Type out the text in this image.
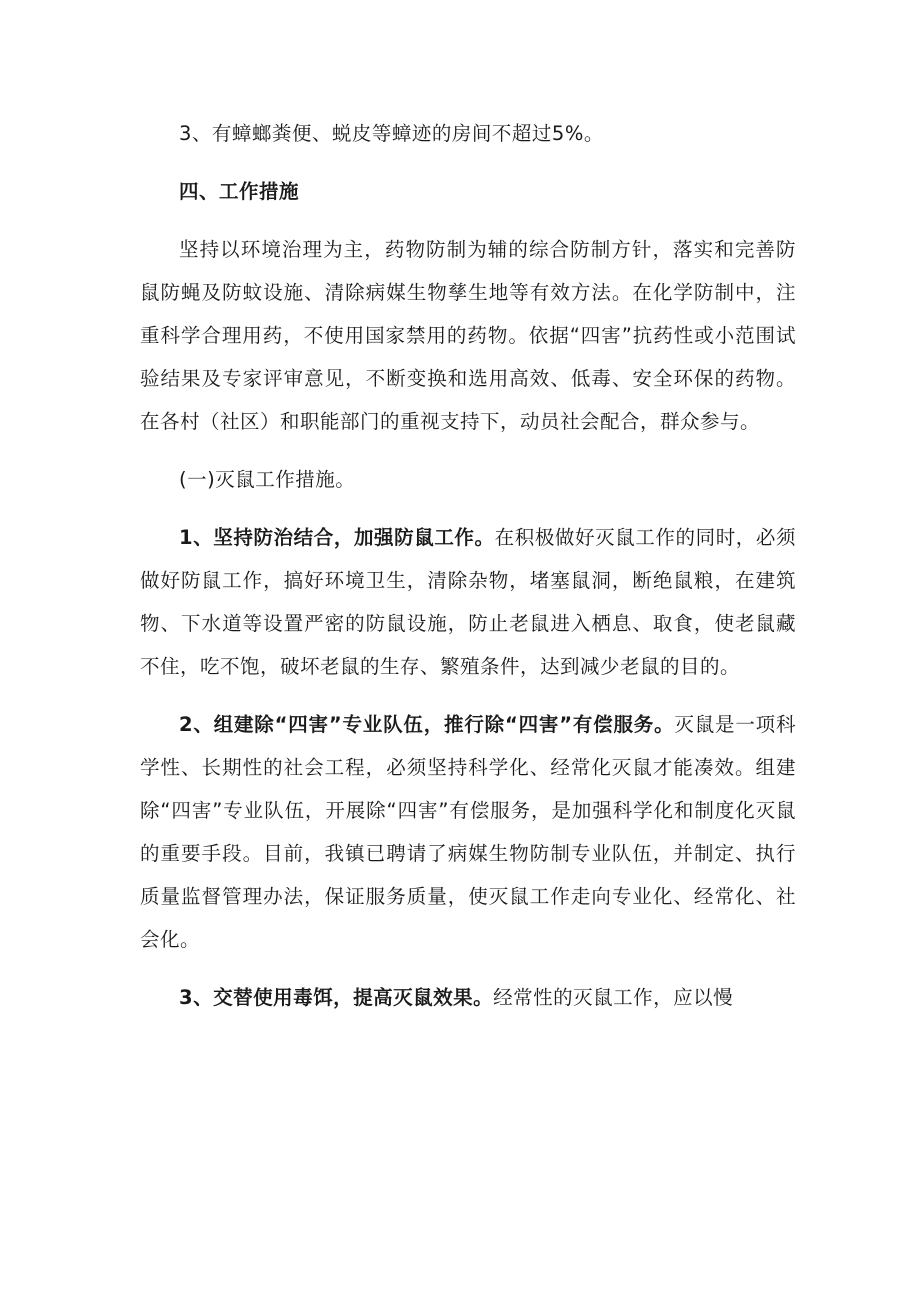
3、有蟑螂粪便、蜕皮等蟑迹的房间不超过5%。

四、工作措施

坚持以环境治理为主，药物防制为辅的综合防制方针，落实和完善防鼠防蝇及防蚊设施、清除病媒生物孳生地等有效方法。在化学防制中，注重科学合理用药，不使用国家禁用的药物。依据“四害”抗药性或小范围试验结果及专家评审意见，不断变换和选用高效、低毒、安全环保的药物。在各村（社区）和职能部门的重视支持下，动员社会配合，群众参与。

(一)灭鼠工作措施。

1、坚持防治结合，加强防鼠工作。在积极做好灭鼠工作的同时，必须做好防鼠工作，搞好环境卫生，清除杂物，堵塞鼠洞，断绝鼠粮，在建筑物、下水道等设置严密的防鼠设施，防止老鼠进入栖息、取食，使老鼠藏不住，吃不饱，破坏老鼠的生存、繁殖条件，达到减少老鼠的目的。

2、组建除“四害”专业队伍，推行除“四害”有偿服务。灭鼠是一项科学性、长期性的社会工程，必须坚持科学化、经常化灭鼠才能凑效。组建除“四害”专业队伍，开展除“四害”有偿服务，是加强科学化和制度化灭鼠的重要手段。目前，我镇已聘请了病媒生物防制专业队伍，并制定、执行质量监督管理办法，保证服务质量，使灭鼠工作走向专业化、经常化、社会化。

3、交替使用毒饵，提高灭鼠效果。经常性的灭鼠工作，应以慢
